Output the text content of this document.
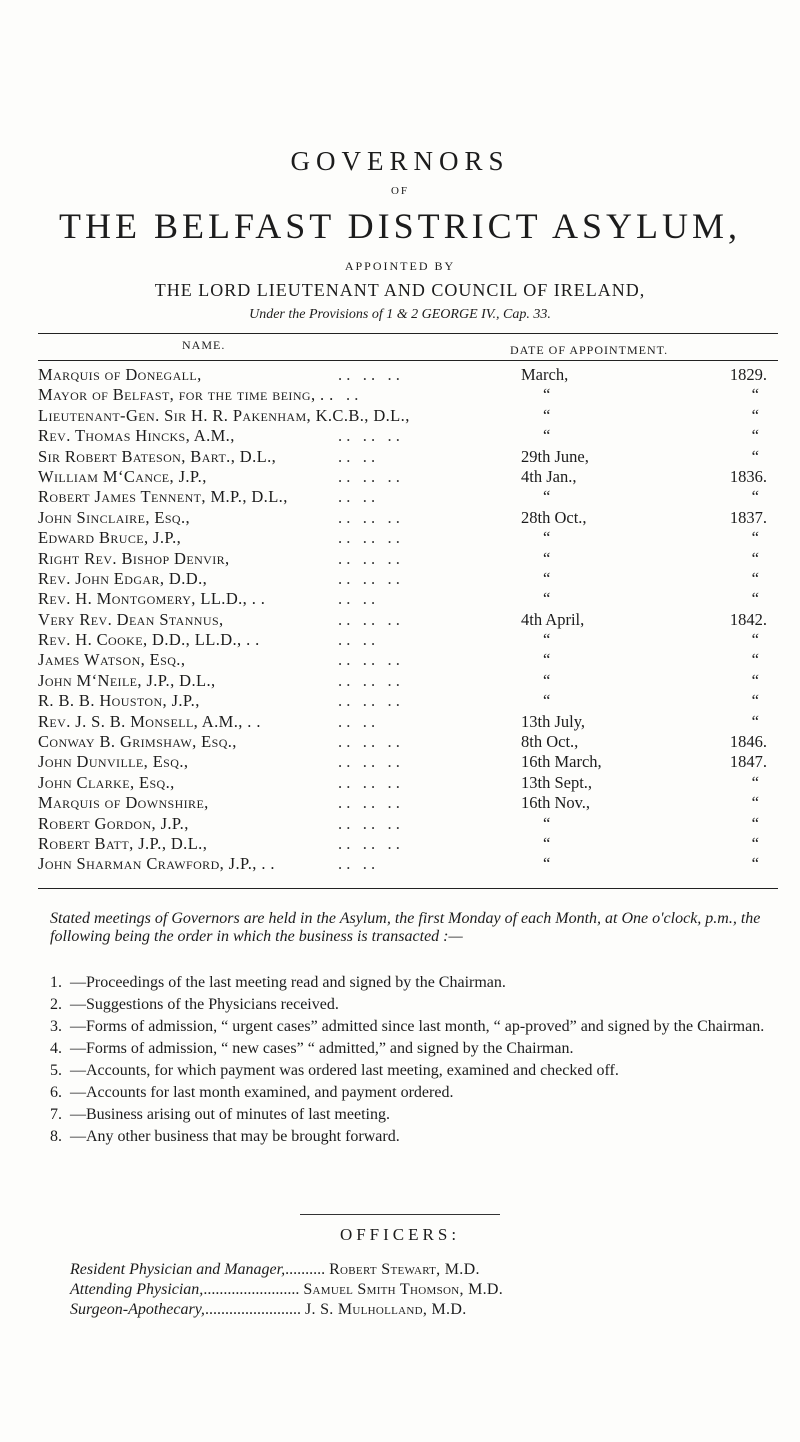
GOVERNORS
OF
THE BELFAST DISTRICT ASYLUM,
APPOINTED BY
THE LORD LIEUTENANT AND COUNCIL OF IRELAND,
Under the Provisions of 1 & 2 GEORGE IV., Cap. 33.
NAME.	DATE OF APPOINTMENT.
Marquis of Donegall,	. .   . .   . .	March,	1829.
Mayor of Belfast, for the time being, . . . .	“	“
Lieutenant-Gen. Sir H. R. Pakenham, K.C.B., D.L.,	“	“
Rev. Thomas Hincks, A.M.,	. .   . .   . .	“	“
Sir Robert Bateson, Bart., D.L.,	. .   . .	29th June,	“
William M‘Cance, J.P.,	. .   . .   . .	4th Jan.,	1836.
Robert James Tennent, M.P., D.L.,	. .   . .	“	“
John Sinclaire, Esq.,	. .   . .   . .	28th Oct.,	1837.
Edward Bruce, J.P.,	. .   . .   . .	“	“
Right Rev. Bishop Denvir,	. .   . .   . .	“	“
Rev. John Edgar, D.D.,	. .   . .   . .	“	“
Rev. H. Montgomery, LL.D., . .	. .   . .	“	“
Very Rev. Dean Stannus,	. .   . .   . .	4th April,	1842.
Rev. H. Cooke, D.D., LL.D., . .	. .   . .	“	“
James Watson, Esq.,	. .   . .   . .	“	“
John M‘Neile, J.P., D.L.,	. .   . .   . .	“	“
R. B. B. Houston, J.P.,	. .   . .   . .	“	“
Rev. J. S. B. Monsell, A.M., . .	. .   . .	13th July,	“
Conway B. Grimshaw, Esq.,	. .   . .   . .	8th Oct.,	1846.
John Dunville, Esq.,	. .   . .   . .	16th March,	1847.
John Clarke, Esq.,	. .   . .   . .	13th Sept.,	“
Marquis of Downshire,	. .   . .   . .	16th Nov.,	“
Robert Gordon, J.P.,	. .   . .   . .	“	“
Robert Batt, J.P., D.L.,	. .   . .   . .	“	“
John Sharman Crawford, J.P., . .	. .   . .	“	“
Stated meetings of Governors are held in the Asylum, the first Monday of each Month, at One o'clock, p.m., the following being the order in which the business is transacted :—
1. —Proceedings of the last meeting read and signed by the Chairman.
2. —Suggestions of the Physicians received.
3. —Forms of admission, “ urgent cases” admitted since last month, “ ap-proved” and signed by the Chairman.
4. —Forms of admission, “ new cases” “ admitted,” and signed by the Chairman.
5. —Accounts, for which payment was ordered last meeting, examined and checked off.
6. —Accounts for last month examined, and payment ordered.
7. —Business arising out of minutes of last meeting.
8. —Any other business that may be brought forward.
OFFICERS:
Resident Physician and Manager,.......... Robert Stewart, M.D.
Attending Physician,........................ Samuel Smith Thomson, M.D.
Surgeon-Apothecary,........................ J. S. Mulholland, M.D.
